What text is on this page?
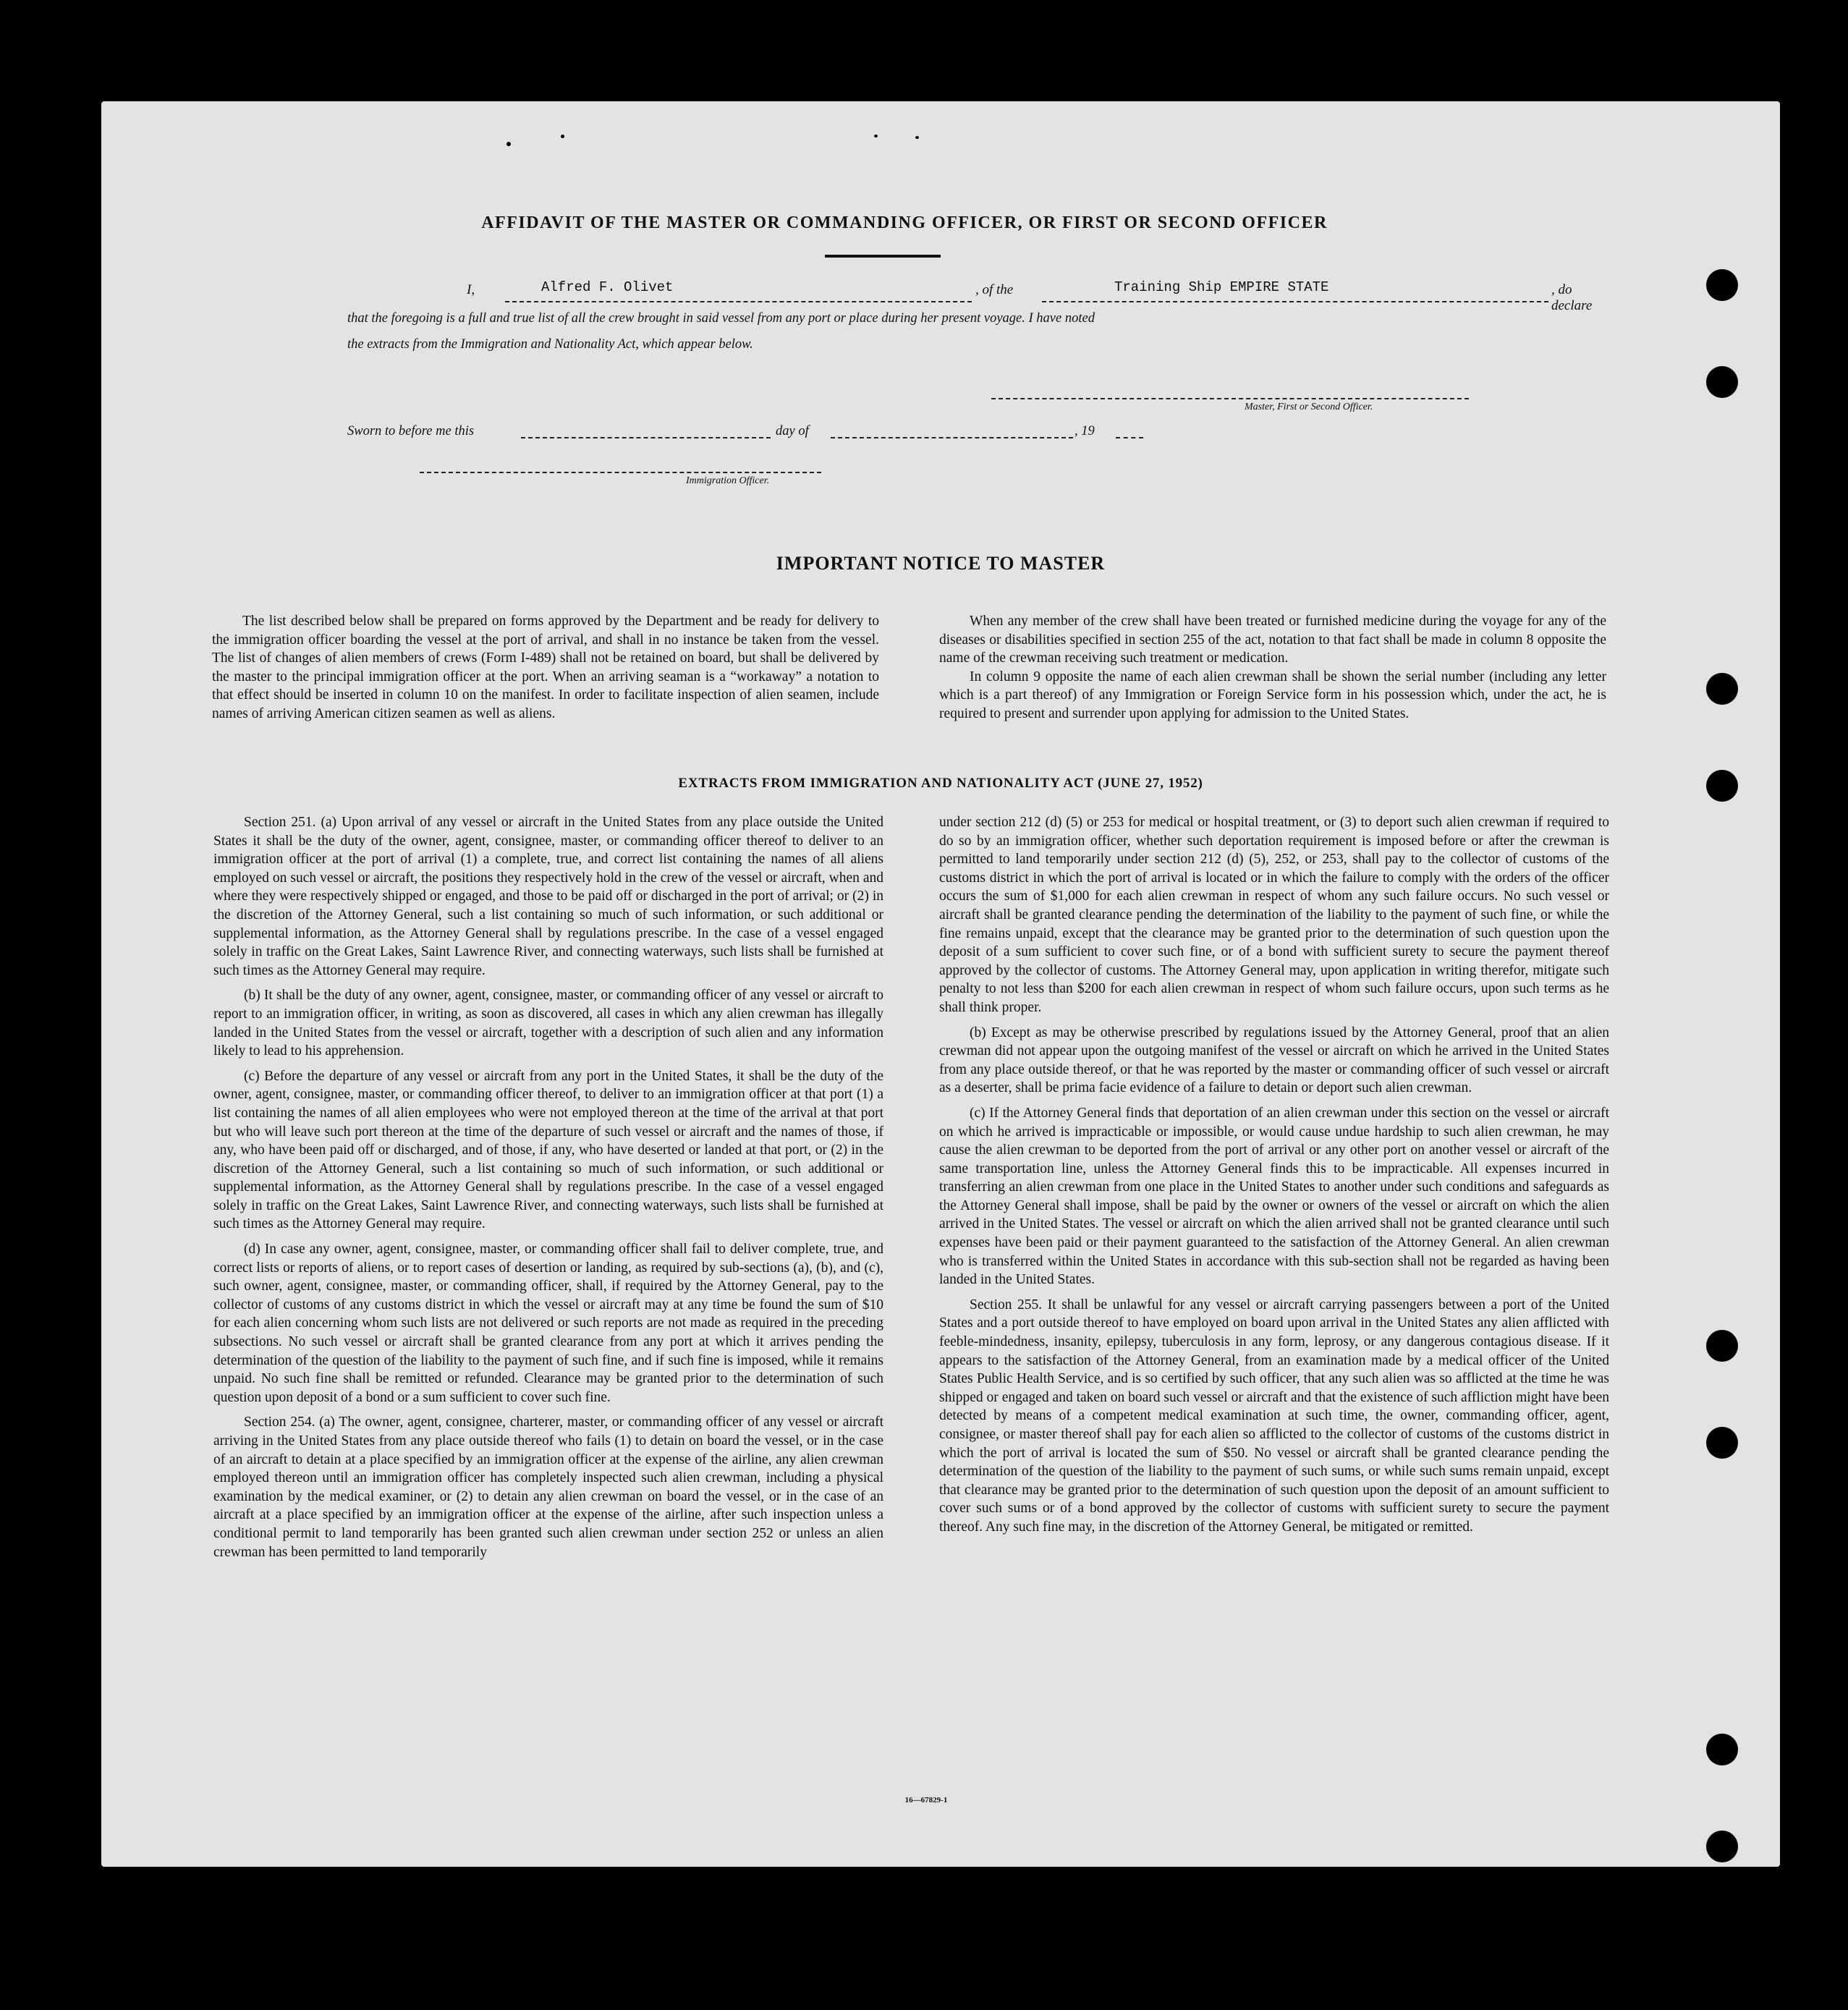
AFFIDAVIT OF THE MASTER OR COMMANDING OFFICER, OR FIRST OR SECOND OFFICER
I,	Alfred F. Olivet	, of the	Training Ship EMPIRE STATE	, do declare
that the foregoing is a full and true list of all the crew brought in said vessel from any port or place during her present voyage. I have noted
the extracts from the Immigration and Nationality Act, which appear below.
Master, First or Second Officer.
Sworn to before me this	day of	, 19
Immigration Officer.
IMPORTANT NOTICE TO MASTER

The list described below shall be prepared on forms approved by the Department and be ready for delivery to the immigration officer boarding the vessel at the port of arrival, and shall in no instance be taken from the vessel. The list of changes of alien members of crews (Form I-489) shall not be retained on board, but shall be delivered by the master to the principal immigration officer at the port. When an arriving seaman is a “workaway” a notation to that effect should be inserted in column 10 on the manifest. In order to facilitate inspection of alien seamen, include names of arriving American citizen seamen as well as aliens.

When any member of the crew shall have been treated or furnished medicine during the voyage for any of the diseases or disabilities specified in section 255 of the act, notation to that fact shall be made in column 8 opposite the name of the crewman receiving such treatment or medication.

In column 9 opposite the name of each alien crewman shall be shown the serial number (including any letter which is a part thereof) of any Immigration or Foreign Service form in his possession which, under the act, he is required to present and surrender upon applying for admission to the United States.

EXTRACTS FROM IMMIGRATION AND NATIONALITY ACT (JUNE 27, 1952)

Section 251. (a) Upon arrival of any vessel or aircraft in the United States from any place outside the United States it shall be the duty of the owner, agent, consignee, master, or commanding officer thereof to deliver to an immigration officer at the port of arrival (1) a complete, true, and correct list containing the names of all aliens employed on such vessel or aircraft, the positions they respectively hold in the crew of the vessel or aircraft, when and where they were respectively shipped or engaged, and those to be paid off or discharged in the port of arrival; or (2) in the discretion of the Attorney General, such a list containing so much of such information, or such additional or supplemental information, as the Attorney General shall by regulations prescribe. In the case of a vessel engaged solely in traffic on the Great Lakes, Saint Lawrence River, and connecting waterways, such lists shall be furnished at such times as the Attorney General may require.

(b) It shall be the duty of any owner, agent, consignee, master, or commanding officer of any vessel or aircraft to report to an immigration officer, in writing, as soon as discovered, all cases in which any alien crewman has illegally landed in the United States from the vessel or aircraft, together with a description of such alien and any information likely to lead to his apprehension.

(c) Before the departure of any vessel or aircraft from any port in the United States, it shall be the duty of the owner, agent, consignee, master, or commanding officer thereof, to deliver to an immigration officer at that port (1) a list containing the names of all alien employees who were not employed thereon at the time of the arrival at that port but who will leave such port thereon at the time of the departure of such vessel or aircraft and the names of those, if any, who have been paid off or discharged, and of those, if any, who have deserted or landed at that port, or (2) in the discretion of the Attorney General, such a list containing so much of such information, or such additional or supplemental information, as the Attorney General shall by regulations prescribe. In the case of a vessel engaged solely in traffic on the Great Lakes, Saint Lawrence River, and connecting waterways, such lists shall be furnished at such times as the Attorney General may require.

(d) In case any owner, agent, consignee, master, or commanding officer shall fail to deliver complete, true, and correct lists or reports of aliens, or to report cases of desertion or landing, as required by sub-sections (a), (b), and (c), such owner, agent, consignee, master, or commanding officer, shall, if required by the Attorney General, pay to the collector of customs of any customs district in which the vessel or aircraft may at any time be found the sum of $10 for each alien concerning whom such lists are not delivered or such reports are not made as required in the preceding subsections. No such vessel or aircraft shall be granted clearance from any port at which it arrives pending the determination of the question of the liability to the payment of such fine, and if such fine is imposed, while it remains unpaid. No such fine shall be remitted or refunded. Clearance may be granted prior to the determination of such question upon deposit of a bond or a sum sufficient to cover such fine.

Section 254. (a) The owner, agent, consignee, charterer, master, or commanding officer of any vessel or aircraft arriving in the United States from any place outside thereof who fails (1) to detain on board the vessel, or in the case of an aircraft to detain at a place specified by an immigration officer at the expense of the airline, any alien crewman employed thereon until an immigration officer has completely inspected such alien crewman, including a physical examination by the medical examiner, or (2) to detain any alien crewman on board the vessel, or in the case of an aircraft at a place specified by an immigration officer at the expense of the airline, after such inspection unless a conditional permit to land temporarily has been granted such alien crewman under section 252 or unless an alien crewman has been permitted to land temporarily

under section 212 (d) (5) or 253 for medical or hospital treatment, or (3) to deport such alien crewman if required to do so by an immigration officer, whether such deportation requirement is imposed before or after the crewman is permitted to land temporarily under section 212 (d) (5), 252, or 253, shall pay to the collector of customs of the customs district in which the port of arrival is located or in which the failure to comply with the orders of the officer occurs the sum of $1,000 for each alien crewman in respect of whom any such failure occurs. No such vessel or aircraft shall be granted clearance pending the determination of the liability to the payment of such fine, or while the fine remains unpaid, except that the clearance may be granted prior to the determination of such question upon the deposit of a sum sufficient to cover such fine, or of a bond with sufficient surety to secure the payment thereof approved by the collector of customs. The Attorney General may, upon application in writing therefor, mitigate such penalty to not less than $200 for each alien crewman in respect of whom such failure occurs, upon such terms as he shall think proper.

(b) Except as may be otherwise prescribed by regulations issued by the Attorney General, proof that an alien crewman did not appear upon the outgoing manifest of the vessel or aircraft on which he arrived in the United States from any place outside thereof, or that he was reported by the master or commanding officer of such vessel or aircraft as a deserter, shall be prima facie evidence of a failure to detain or deport such alien crewman.

(c) If the Attorney General finds that deportation of an alien crewman under this section on the vessel or aircraft on which he arrived is impracticable or impossible, or would cause undue hardship to such alien crewman, he may cause the alien crewman to be deported from the port of arrival or any other port on another vessel or aircraft of the same transportation line, unless the Attorney General finds this to be impracticable. All expenses incurred in transferring an alien crewman from one place in the United States to another under such conditions and safeguards as the Attorney General shall impose, shall be paid by the owner or owners of the vessel or aircraft on which the alien arrived in the United States. The vessel or aircraft on which the alien arrived shall not be granted clearance until such expenses have been paid or their payment guaranteed to the satisfaction of the Attorney General. An alien crewman who is transferred within the United States in accordance with this sub-section shall not be regarded as having been landed in the United States.

Section 255. It shall be unlawful for any vessel or aircraft carrying passengers between a port of the United States and a port outside thereof to have employed on board upon arrival in the United States any alien afflicted with feeble-mindedness, insanity, epilepsy, tuberculosis in any form, leprosy, or any dangerous contagious disease. If it appears to the satisfaction of the Attorney General, from an examination made by a medical officer of the United States Public Health Service, and is so certified by such officer, that any such alien was so afflicted at the time he was shipped or engaged and taken on board such vessel or aircraft and that the existence of such affliction might have been detected by means of a competent medical examination at such time, the owner, commanding officer, agent, consignee, or master thereof shall pay for each alien so afflicted to the collector of customs of the customs district in which the port of arrival is located the sum of $50. No vessel or aircraft shall be granted clearance pending the determination of the question of the liability to the payment of such sums, or while such sums remain unpaid, except that clearance may be granted prior to the determination of such question upon the deposit of an amount sufficient to cover such sums or of a bond approved by the collector of customs with sufficient surety to secure the payment thereof. Any such fine may, in the discretion of the Attorney General, be mitigated or remitted.

16—67829-1
